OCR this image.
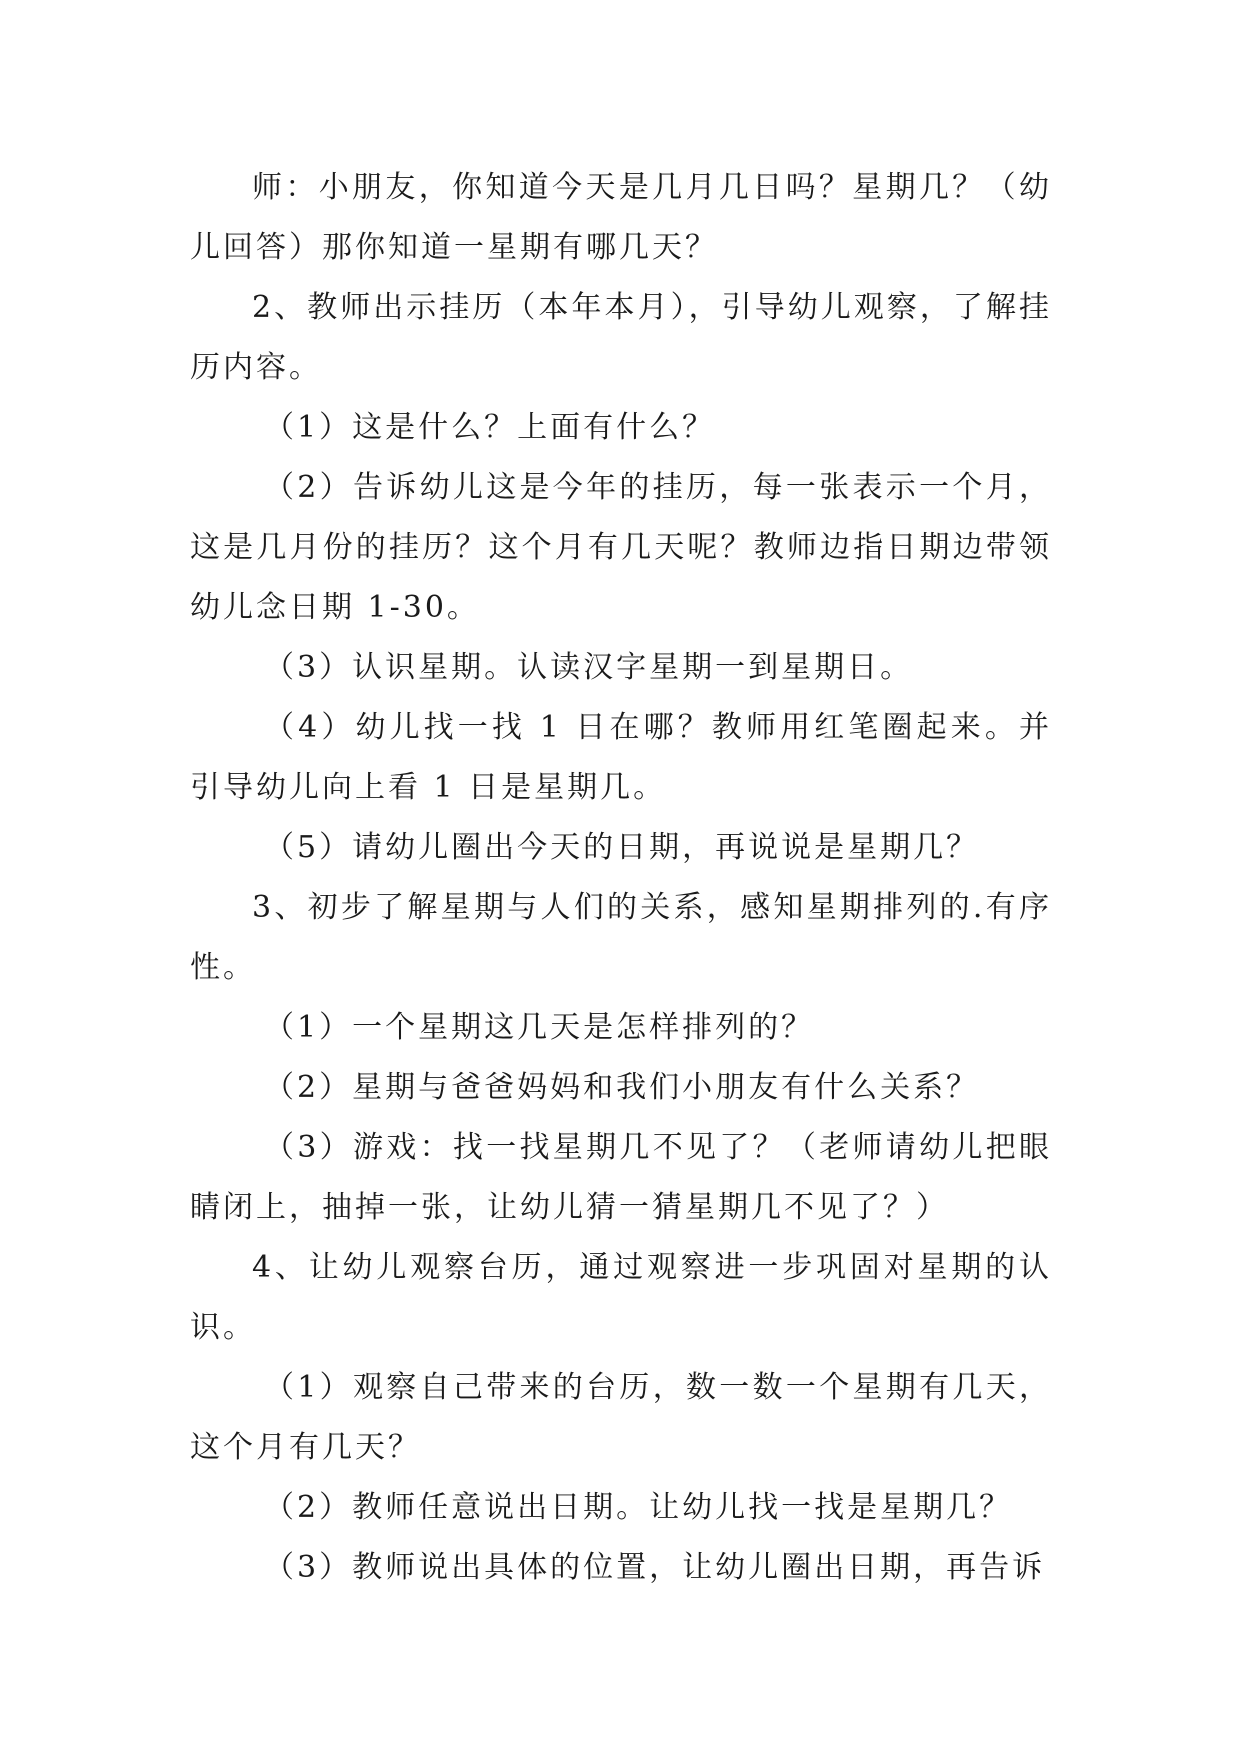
师：小朋友，你知道今天是几月几日吗？星期几？（幼儿回答）那你知道一星期有哪几天？

2、教师出示挂历（本年本月），引导幼儿观察，了解挂历内容。

（1）这是什么？上面有什么？

（2）告诉幼儿这是今年的挂历，每一张表示一个月，这是几月份的挂历？这个月有几天呢？教师边指日期边带领幼儿念日期 1-30。

（3）认识星期。认读汉字星期一到星期日。

（4）幼儿找一找 1 日在哪？教师用红笔圈起来。并引导幼儿向上看 1 日是星期几。

（5）请幼儿圈出今天的日期，再说说是星期几？

3、初步了解星期与人们的关系，感知星期排列的.有序性。

（1）一个星期这几天是怎样排列的？

（2）星期与爸爸妈妈和我们小朋友有什么关系？

（3）游戏：找一找星期几不见了？（老师请幼儿把眼睛闭上，抽掉一张，让幼儿猜一猜星期几不见了？）

4、让幼儿观察台历，通过观察进一步巩固对星期的认识。

（1）观察自己带来的台历，数一数一个星期有几天，这个月有几天？

（2）教师任意说出日期。让幼儿找一找是星期几？

（3）教师说出具体的位置，让幼儿圈出日期，再告诉
